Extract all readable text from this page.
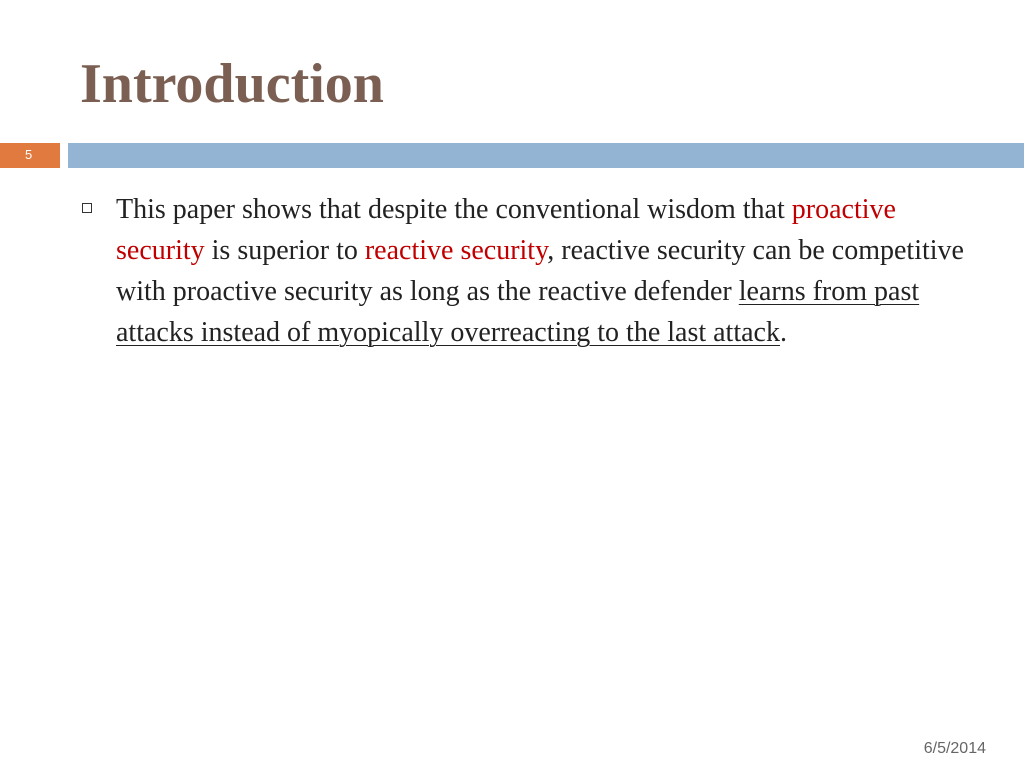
Introduction
5

This paper shows that despite the conventional wisdom that proactive security is superior to reactive security, reactive security can be competitive with proactive security as long as the reactive defender learns from past attacks instead of myopically overreacting to the last attack.

6/5/2014
